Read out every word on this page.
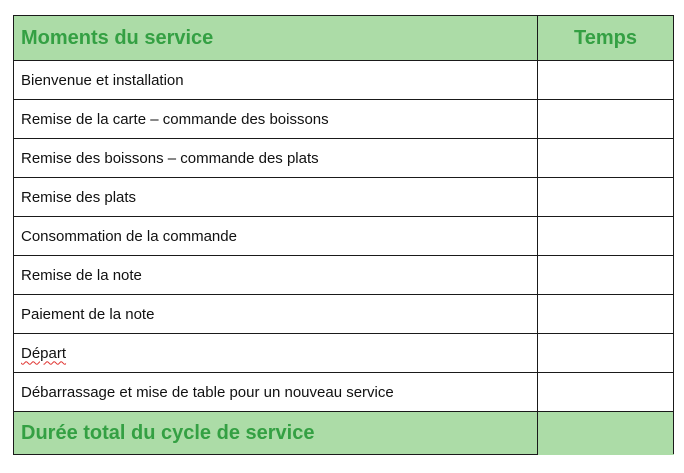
Moments du service	Temps
Bienvenue et installation	
Remise de la carte – commande des boissons	
Remise des boissons – commande des plats	
Remise des plats	
Consommation de la commande	
Remise de la note	
Paiement de la note	
Départ	
Débarrassage et mise de table pour un nouveau service	
Durée total du cycle de service	
